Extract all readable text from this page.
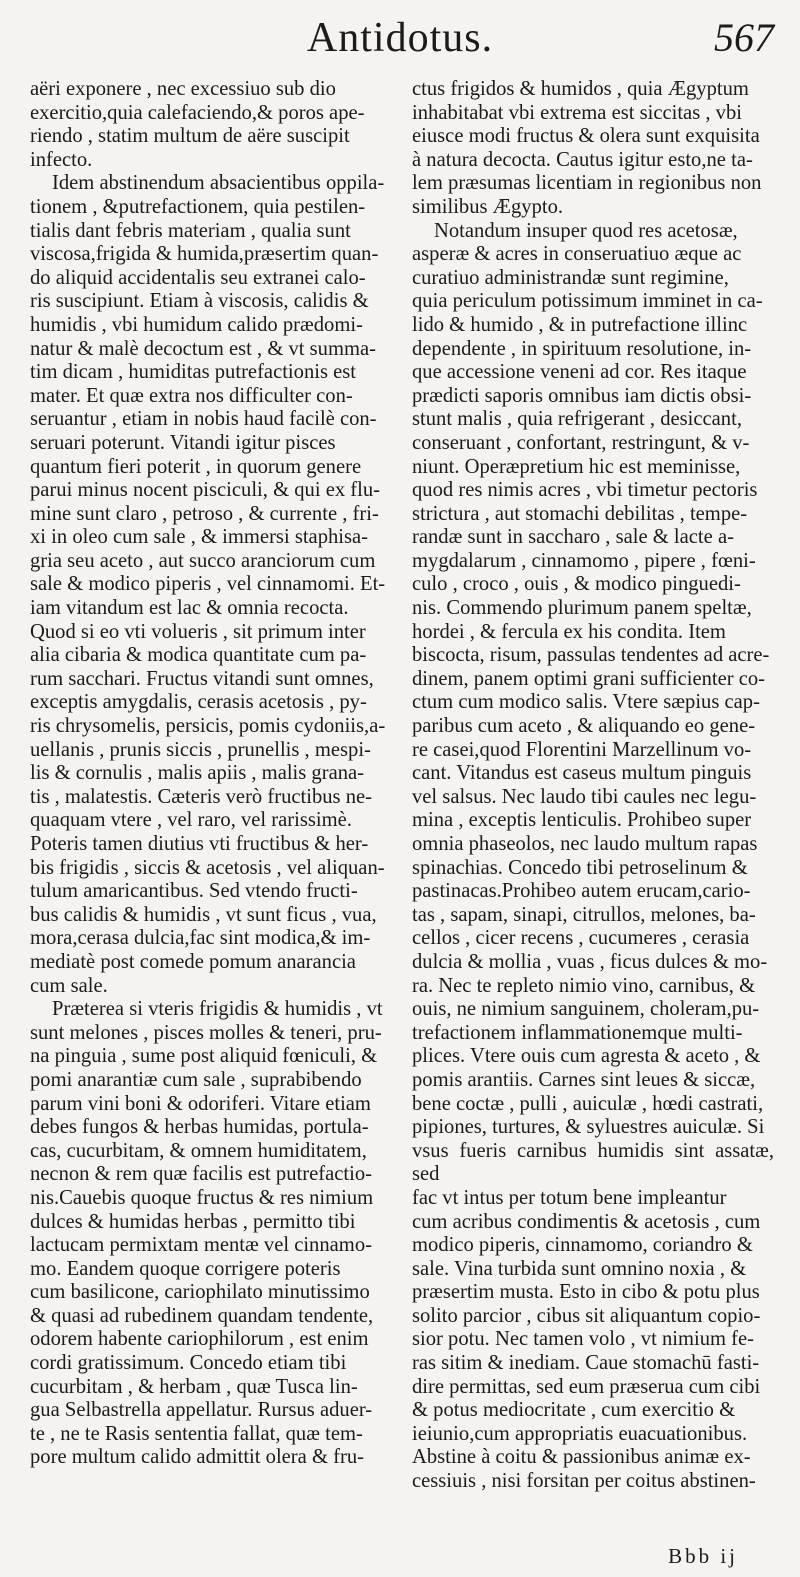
Antidotus.	567

aëri exponere , nec excessiuo sub dio
exercitio,quia calefaciendo,& poros ape-
riendo , statim multum de aëre suscipit
infecto.

Idem abstinendum absacientibus oppila-
tionem , &putrefactionem, quia pestilen-
tialis dant febris materiam , qualia sunt
viscosa,frigida & humida,præsertim quan-
do aliquid accidentalis seu extranei calo-
ris suscipiunt. Etiam à viscosis, calidis &
humidis , vbi humidum calido prædomi-
natur & malè decoctum est , & vt summa-
tim dicam , humiditas putrefactionis est
mater. Et quæ extra nos difficulter con-
seruantur , etiam in nobis haud facilè con-
seruari poterunt. Vitandi igitur pisces
quantum fieri poterit , in quorum genere
parui minus nocent pisciculi, & qui ex flu-
mine sunt claro , petroso , & currente , fri-
xi in oleo cum sale , & immersi staphisa-
gria seu aceto , aut succo aranciorum cum
sale & modico piperis , vel cinnamomi. Et-
iam vitandum est lac & omnia recocta.
Quod si eo vti volueris , sit primum inter
alia cibaria & modica quantitate cum pa-
rum sacchari. Fructus vitandi sunt omnes,
exceptis amygdalis, cerasis acetosis , py-
ris chrysomelis, persicis, pomis cydoniis,a-
uellanis , prunis siccis , prunellis , mespi-
lis & cornulis , malis apiis , malis grana-
tis , malatestis. Cæteris verò fructibus ne-
quaquam vtere , vel raro, vel rarissimè.
Poteris tamen diutius vti fructibus & her-
bis frigidis , siccis & acetosis , vel aliquan-
tulum amaricantibus. Sed vtendo fructi-
bus calidis & humidis , vt sunt ficus , vua,
mora,cerasa dulcia,fac sint modica,& im-
mediatè post comede pomum anarancia
cum sale.

Præterea si vteris frigidis & humidis , vt
sunt melones , pisces molles & teneri, pru-
na pinguia , sume post aliquid fœniculi, &
pomi anarantiæ cum sale , suprabibendo
parum vini boni & odoriferi. Vitare etiam
debes fungos & herbas humidas, portula-
cas, cucurbitam, & omnem humiditatem,
necnon & rem quæ facilis est putrefactio-
nis.Cauebis quoque fructus & res nimium
dulces & humidas herbas , permitto tibi
lactucam permixtam mentæ vel cinnamo-
mo. Eandem quoque corrigere poteris
cum basilicone, cariophilato minutissimo
& quasi ad rubedinem quandam tendente,
odorem habente cariophilorum , est enim
cordi gratissimum. Concedo etiam tibi
cucurbitam , & herbam , quæ Tusca lin-
gua Selbastrella appellatur. Rursus aduer-
te , ne te Rasis sententia fallat, quæ tem-
pore multum calido admittit olera & fru-

ctus frigidos & humidos , quia Ægyptum
inhabitabat vbi extrema est siccitas , vbi
eiusce modi fructus & olera sunt exquisita
à natura decocta. Cautus igitur esto,ne ta-
lem præsumas licentiam in regionibus non
similibus Ægypto.

Notandum insuper quod res acetosæ,
asperæ & acres in conseruatiuo æque ac
curatiuo administrandæ sunt regimine,
quia periculum potissimum imminet in ca-
lido & humido , & in putrefactione illinc
dependente , in spirituum resolutione, in-
que accessione veneni ad cor. Res itaque
prædicti saporis omnibus iam dictis obsi-
stunt malis , quia refrigerant , desiccant,
conseruant , confortant, restringunt, & v-
niunt. Operæpretium hic est meminisse,
quod res nimis acres , vbi timetur pectoris
strictura , aut stomachi debilitas , tempe-
randæ sunt in saccharo , sale & lacte a-
mygdalarum , cinnamomo , pipere , fœni-
culo , croco , ouis , & modico pinguedi-
nis. Commendo plurimum panem speltæ,
hordei , & fercula ex his condita. Item
biscocta, risum, passulas tendentes ad acre-
dinem, panem optimi grani sufficienter co-
ctum cum modico salis. Vtere sæpius cap-
paribus cum aceto , & aliquando eo gene-
re casei,quod Florentini Marzellinum vo-
cant. Vitandus est caseus multum pinguis
vel salsus. Nec laudo tibi caules nec legu-
mina , exceptis lenticulis. Prohibeo super
omnia phaseolos, nec laudo multum rapas
spinachias. Concedo tibi petroselinum &
pastinacas.Prohibeo autem erucam,cario-
tas , sapam, sinapi, citrullos, melones, ba-
cellos , cicer recens , cucumeres , cerasia
dulcia & mollia , vuas , ficus dulces & mo-
ra. Nec te repleto nimio vino, carnibus, &
ouis, ne nimium sanguinem, choleram,pu-
trefactionem inflammationemque multi-
plices. Vtere ouis cum agresta & aceto , &
pomis arantiis. Carnes sint leues & siccæ,
bene coctæ , pulli , auiculæ , hœdi castrati,
pipiones, turtures, & syluestres auiculæ. Si
vsus fueris carnibus humidis sint assatæ, sed
fac vt intus per totum bene impleantur
cum acribus condimentis & acetosis , cum
modico piperis, cinnamomo, coriandro &
sale. Vina turbida sunt omnino noxia , &
præsertim musta. Esto in cibo & potu plus
solito parcior , cibus sit aliquantum copio-
sior potu. Nec tamen volo , vt nimium fe-
ras sitim & inediam. Caue stomachū fasti-
dire permittas, sed eum præserua cum cibi
& potus mediocritate , cum exercitio &
ieiunio,cum appropriatis euacuationibus.
Abstine à coitu & passionibus animæ ex-
cessiuis , nisi forsitan per coitus abstinen-

Bbb ij
